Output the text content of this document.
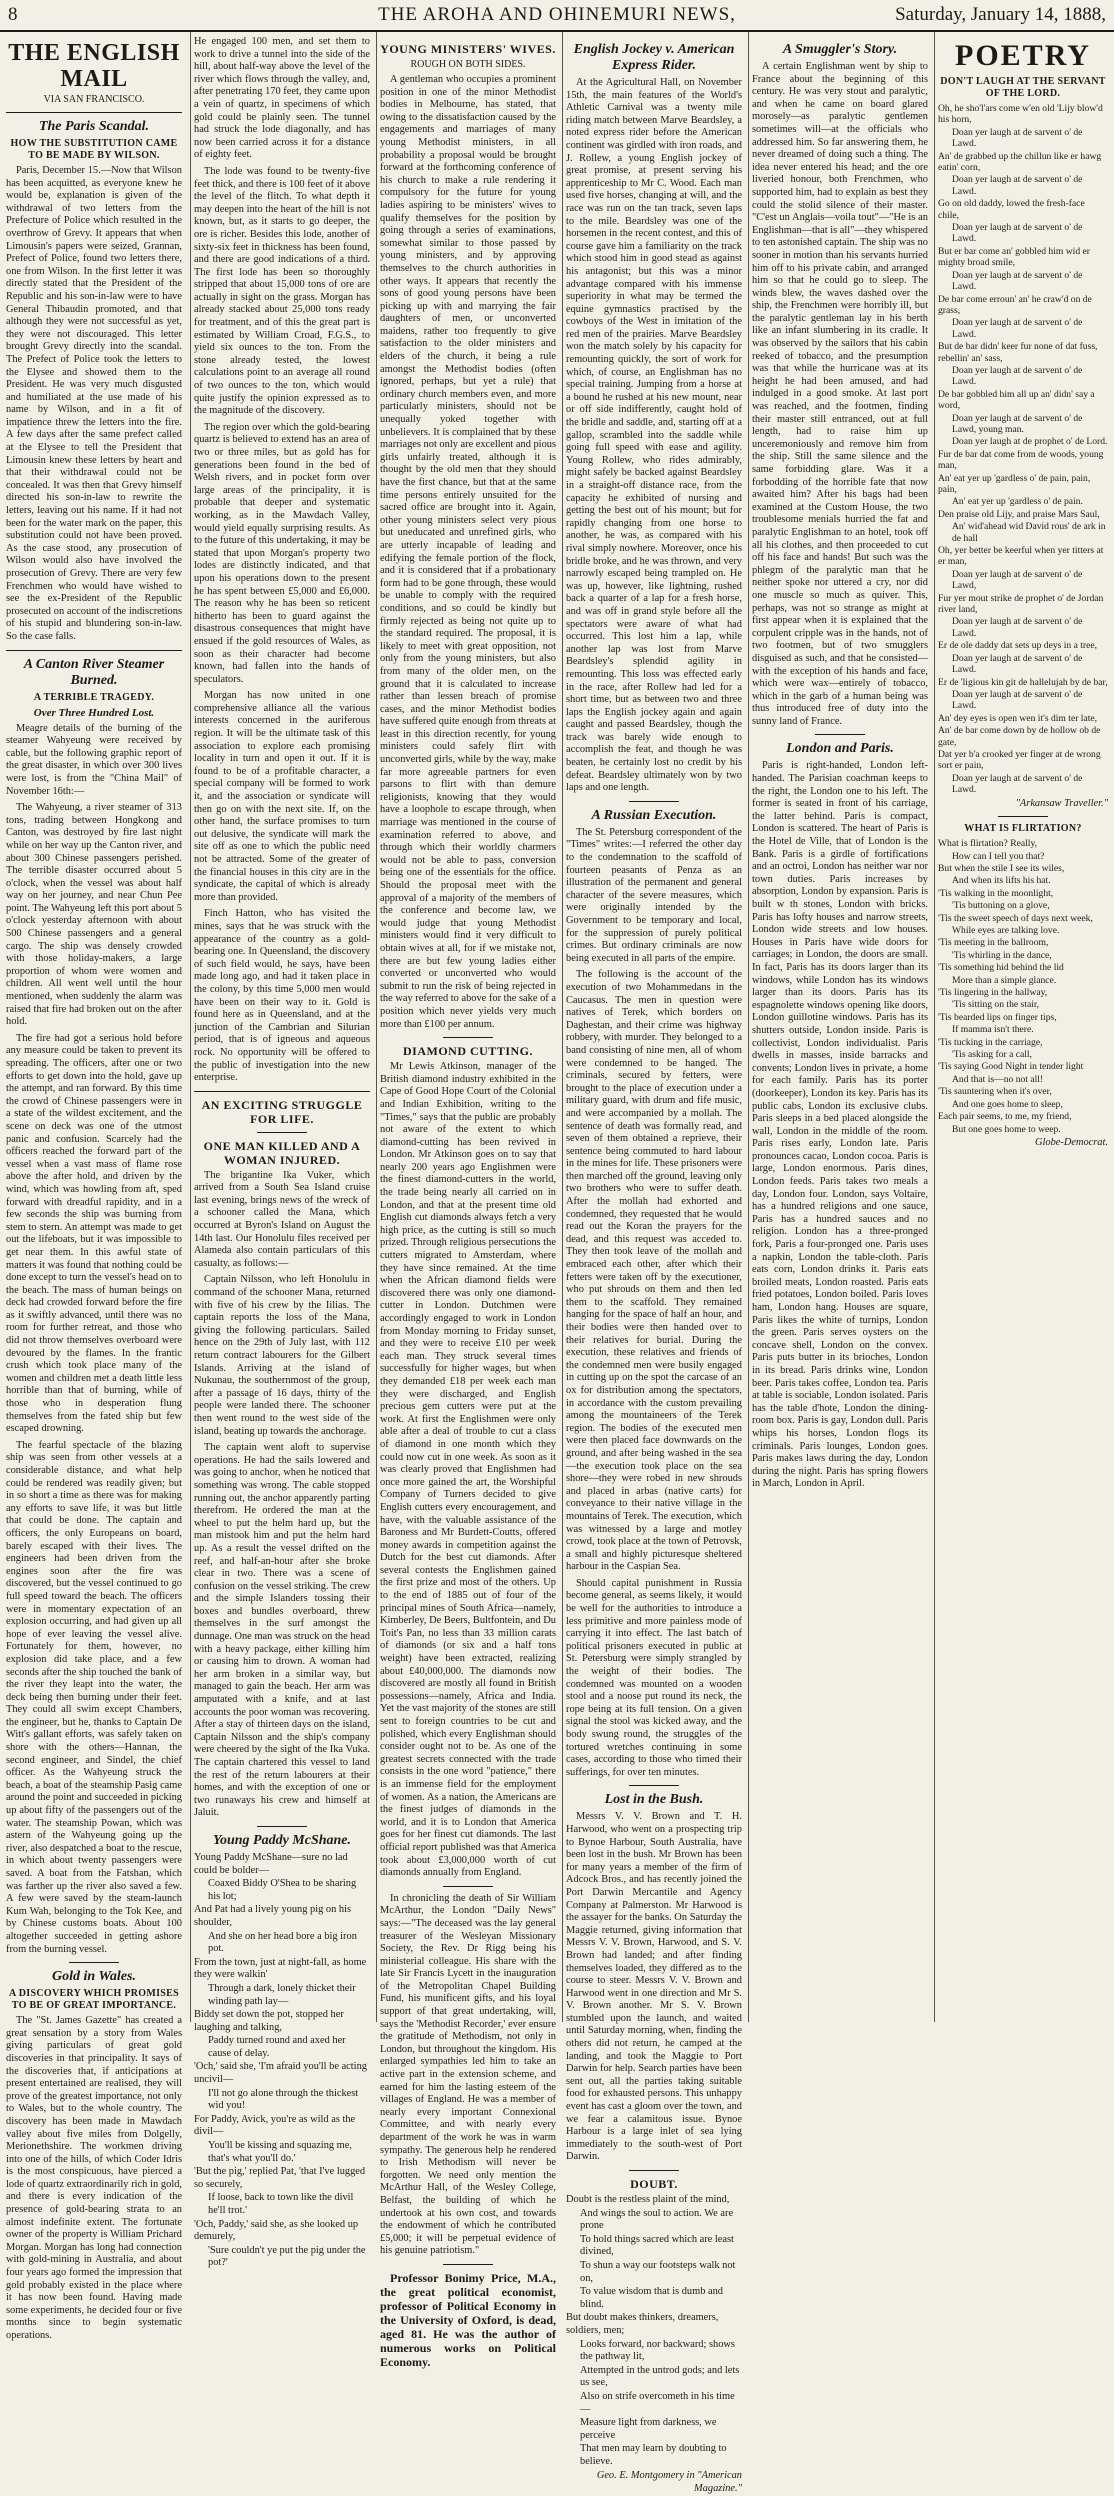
8	THE AROHA AND OHINEMURI NEWS,	Saturday, January 14, 1888,
THE ENGLISH MAIL
VIA SAN FRANCISCO.
The Paris Scandal.
HOW THE SUBSTITUTION CAME TO BE MADE BY WILSON.

Paris, December 15.—Now that Wilson has been acquitted, as everyone knew he would be, explanation is given of the withdrawal of two letters from the Prefecture of Police which resulted in the overthrow of Grevy. It appears that when Limousin's papers were seized, Grannan, Prefect of Police, found two letters there, one from Wilson. In the first letter it was directly stated that the President of the Republic and his son-in-law were to have General Thibaudin promoted, and that although they were not successful as yet, they were not discouraged. This letter brought Grevy directly into the scandal. The Prefect of Police took the letters to the Elysee and showed them to the President. He was very much disgusted and humiliated at the use made of his name by Wilson, and in a fit of impatience threw the letters into the fire. A few days after the same prefect called at the Elysee to tell the President that Limousin knew these letters by heart and that their withdrawal could not be concealed. It was then that Grevy himself directed his son-in-law to rewrite the letters, leaving out his name. If it had not been for the water mark on the paper, this substitution could not have been proved. As the case stood, any prosecution of Wilson would also have involved the prosecution of Grevy. There are very few Frenchmen who would have wished to see the ex-President of the Republic prosecuted on account of the indiscretions of his stupid and blundering son-in-law. So the case falls.

A Canton River Steamer Burned.
A TERRIBLE TRAGEDY.
Over Three Hundred Lost.

Meagre details of the burning of the steamer Wahyeung were received by cable, but the following graphic report of the great disaster, in which over 300 lives were lost, is from the "China Mail" of November 16th:—

The Wahyeung, a river steamer of 313 tons, trading between Hongkong and Canton, was destroyed by fire last night while on her way up the Canton river, and about 300 Chinese passengers perished. The terrible disaster occurred about 5 o'clock, when the vessel was about half way on her journey, and near Chun Pee point. The Wahyeung left this port about 5 o'clock yesterday afternoon with about 500 Chinese passengers and a general cargo. The ship was densely crowded with those holiday-makers, a large proportion of whom were women and children. All went well until the hour mentioned, when suddenly the alarm was raised that fire had broken out on the after hold.

The fire had got a serious hold before any measure could be taken to prevent its spreading. The officers, after one or two efforts to get down into the hold, gave up the attempt, and ran forward. By this time the crowd of Chinese passengers were in a state of the wildest excitement, and the scene on deck was one of the utmost panic and confusion. Scarcely had the officers reached the forward part of the vessel when a vast mass of flame rose above the after hold, and driven by the wind, which was howling from aft, sped forward with dreadful rapidity, and in a few seconds the ship was burning from stem to stern. An attempt was made to get out the lifeboats, but it was impossible to get near them. In this awful state of matters it was found that nothing could be done except to turn the vessel's head on to the beach. The mass of human beings on deck had crowded forward before the fire as it swiftly advanced, until there was no room for further retreat, and those who did not throw themselves overboard were devoured by the flames. In the frantic crush which took place many of the women and children met a death little less horrible than that of burning, while of those who in desperation flung themselves from the fated ship but few escaped drowning.

The fearful spectacle of the blazing ship was seen from other vessels at a considerable distance, and what help could be rendered was readily given; but in so short a time as there was for making any efforts to save life, it was but little that could be done. The captain and officers, the only Europeans on board, barely escaped with their lives. The engineers had been driven from the engines soon after the fire was discovered, but the vessel continued to go full speed toward the beach. The officers were in momentary expectation of an explosion occurring, and had given up all hope of ever leaving the vessel alive. Fortunately for them, however, no explosion did take place, and a few seconds after the ship touched the bank of the river they leapt into the water, the deck being then burning under their feet. They could all swim except Chambers, the engineer, but he, thanks to Captain De Witt's gallant efforts, was safely taken on shore with the others—Hannan, the second engineer, and Sindel, the chief officer. As the Wahyeung struck the beach, a boat of the steamship Pasig came around the point and succeeded in picking up about fifty of the passengers out of the water. The steamship Powan, which was astern of the Wahyeung going up the river, also despatched a boat to the rescue, in which about twenty passengers were saved. A boat from the Fatshan, which was farther up the river also saved a few. A few were saved by the steam-launch Kum Wah, belonging to the Tok Kee, and by Chinese customs boats. About 100 altogether succeeded in getting ashore from the burning vessel.

Gold in Wales.
A DISCOVERY WHICH PROMISES TO BE OF GREAT IMPORTANCE.

The "St. James Gazette" has created a great sensation by a story from Wales giving particulars of great gold discoveries in that principality. It says of the discoveries that, if anticipations at present entertained are realised, they will prove of the greatest importance, not only to Wales, but to the whole country. The discovery has been made in Mawdach valley about five miles from Dolgelly, Merionethshire. The workmen driving into one of the hills, of which Coder Idris is the most conspicuous, have pierced a lode of quartz extraordinarily rich in gold, and there is every indication of the presence of gold-bearing strata to an almost indefinite extent. The fortunate owner of the property is William Prichard Morgan. Morgan has long had connection with gold-mining in Australia, and about four years ago formed the impression that gold probably existed in the place where it has now been found. Having made some experiments, he decided four or five months since to begin systematic operations.

He engaged 100 men, and set them to work to drive a tunnel into the side of the hill, about half-way above the level of the river which flows through the valley, and, after penetrating 170 feet, they came upon a vein of quartz, in specimens of which gold could be plainly seen. The tunnel had struck the lode diagonally, and has now been carried across it for a distance of eighty feet.

The lode was found to be twenty-five feet thick, and there is 100 feet of it above the level of the flitch. To what depth it may deepen into the heart of the hill is not known, but, as it starts to go deeper, the ore is richer. Besides this lode, another of sixty-six feet in thickness has been found, and there are good indications of a third. The first lode has been so thoroughly stripped that about 15,000 tons of ore are actually in sight on the grass. Morgan has already stacked about 25,000 tons ready for treatment, and of this the great part is estimated by William Croad, F.G.S., to yield six ounces to the ton. From the stone already tested, the lowest calculations point to an average all round of two ounces to the ton, which would quite justify the opinion expressed as to the magnitude of the discovery.

The region over which the gold-bearing quartz is believed to extend has an area of two or three miles, but as gold has for generations been found in the bed of Welsh rivers, and in pocket form over large areas of the principality, it is probable that deeper and systematic working, as in the Mawdach Valley, would yield equally surprising results. As to the future of this undertaking, it may be stated that upon Morgan's property two lodes are distinctly indicated, and that upon his operations down to the present he has spent between £5,000 and £6,000. The reason why he has been so reticent hitherto has been to guard against the disastrous consequences that might have ensued if the gold resources of Wales, as soon as their character had become known, had fallen into the hands of speculators.

Morgan has now united in one comprehensive alliance all the various interests concerned in the auriferous region. It will be the ultimate task of this association to explore each promising locality in turn and open it out. If it is found to be of a profitable character, a special company will be formed to work it, and the association or syndicate will then go on with the next site. If, on the other hand, the surface promises to turn out delusive, the syndicate will mark the site off as one to which the public need not be attracted. Some of the greater of the financial houses in this city are in the syndicate, the capital of which is already more than provided.

Finch Hatton, who has visited the mines, says that he was struck with the appearance of the country as a gold-bearing one. In Queensland, the discovery of such field would, he says, have been made long ago, and had it taken place in the colony, by this time 5,000 men would have been on their way to it. Gold is found here as in Queensland, and at the junction of the Cambrian and Silurian period, that is of igneous and aqueous rock. No opportunity will be offered to the public of investigation into the new enterprise.

AN EXCITING STRUGGLE FOR LIFE.
ONE MAN KILLED AND A WOMAN INJURED.

The brigantine Ika Vuker, which arrived from a South Sea Island cruise last evening, brings news of the wreck of a schooner called the Mana, which occurred at Byron's Island on August the 14th last. Our Honolulu files received per Alameda also contain particulars of this casualty, as follows:—

Captain Nilsson, who left Honolulu in command of the schooner Mana, returned with five of his crew by the Iilias. The captain reports the loss of the Mana, giving the following particulars. Sailed hence on the 29th of July last, with 112 return contract labourers for the Gilbert Islands. Arriving at the island of Nukunau, the southernmost of the group, after a passage of 16 days, thirty of the people were landed there. The schooner then went round to the west side of the island, beating up towards the anchorage.

The captain went aloft to supervise operations. He had the sails lowered and was going to anchor, when he noticed that something was wrong. The cable stopped running out, the anchor apparently parting therefrom. He ordered the man at the wheel to put the helm hard up, but the man mistook him and put the helm hard up. As a result the vessel drifted on the reef, and half-an-hour after she broke clear in two. There was a scene of confusion on the vessel striking. The crew and the simple Islanders tossing their boxes and bundles overboard, threw themselves in the surf amongst the dunnage. One man was struck on the head with a heavy package, either killing him or causing him to drown. A woman had her arm broken in a similar way, but managed to gain the beach. Her arm was amputated with a knife, and at last accounts the poor woman was recovering. After a stay of thirteen days on the island, Captain Nilsson and the ship's company were cheered by the sight of the Ika Vuka. The captain chartered this vessel to land the rest of the return labourers at their homes, and with the exception of one or two runaways his crew and himself at Jaluit.

Young Paddy McShane.

Young Paddy McShane—sure no lad could be bolder—

Coaxed Biddy O'Shea to be sharing his lot;

And Pat had a lively young pig on his shoulder,

And she on her head bore a big iron pot.

From the town, just at night-fall, as home they were walkin'

Through a dark, lonely thicket their winding path lay—

Biddy set down the pot, stopped her laughing and talking,

Paddy turned round and axed her cause of delay.

'Och,' said she, 'I'm afraid you'll be acting uncivil—

I'll not go alone through the thickest wid you!

For Paddy, Avick, you're as wild as the divil—

You'll be kissing and squazing me, that's what you'll do.'

'But the pig,' replied Pat, 'that I've lugged so securely,

If loose, back to town like the divil he'll trot.'

'Och, Paddy,' said she, as she looked up demurely,

'Sure couldn't ye put the pig under the pot?'

YOUNG MINISTERS' WIVES.
ROUGH ON BOTH SIDES.

A gentleman who occupies a prominent position in one of the minor Methodist bodies in Melbourne, has stated, that owing to the dissatisfaction caused by the engagements and marriages of many young Methodist ministers, in all probability a proposal would be brought forward at the forthcoming conference of his church to make a rule rendering it compulsory for the future for young ladies aspiring to be ministers' wives to qualify themselves for the position by going through a series of examinations, somewhat similar to those passed by young ministers, and by approving themselves to the church authorities in other ways. It appears that recently the sons of good young persons have been picking up with and marrying the fair daughters of men, or unconverted maidens, rather too frequently to give satisfaction to the older ministers and elders of the church, it being a rule amongst the Methodist bodies (often ignored, perhaps, but yet a rule) that ordinary church members even, and more particularly ministers, should not be unequally yoked together with unbelievers. It is complained that by these marriages not only are excellent and pious girls unfairly treated, although it is thought by the old men that they should have the first chance, but that at the same time persons entirely unsuited for the sacred office are brought into it. Again, other young ministers select very pious but uneducated and unrefined girls, who are utterly incapable of leading and edifying the female portion of the flock, and it is considered that if a probationary form had to be gone through, these would be unable to comply with the required conditions, and so could be kindly but firmly rejected as being not quite up to the standard required. The proposal, it is likely to meet with great opposition, not only from the young ministers, but also from many of the older men, on the ground that it is calculated to increase rather than lessen breach of promise cases, and the minor Methodist bodies have suffered quite enough from threats at least in this direction recently, for young ministers could safely flirt with unconverted girls, while by the way, make far more agreeable partners for even parsons to flirt with than demure religionists, knowing that they would have a loophole to escape through, when marriage was mentioned in the course of examination referred to above, and through which their worldly charmers would not be able to pass, conversion being one of the essentials for the office. Should the proposal meet with the approval of a majority of the members of the conference and become law, we would judge that young Methodist ministers would find it very difficult to obtain wives at all, for if we mistake not, there are but few young ladies either converted or unconverted who would submit to run the risk of being rejected in the way referred to above for the sake of a position which never yields very much more than £100 per annum.

DIAMOND CUTTING.

Mr Lewis Atkinson, manager of the British diamond industry exhibited in the Cape of Good Hope Court of the Colonial and Indian Exhibition, writing to the "Times," says that the public are probably not aware of the extent to which diamond-cutting has been revived in London. Mr Atkinson goes on to say that nearly 200 years ago Englishmen were the finest diamond-cutters in the world, the trade being nearly all carried on in London, and that at the present time old English cut diamonds always fetch a very high price, as the cutting is still so much prized. Through religious persecutions the cutters migrated to Amsterdam, where they have since remained. At the time when the African diamond fields were discovered there was only one diamond-cutter in London. Dutchmen were accordingly engaged to work in London from Monday morning to Friday sunset, and they were to receive £10 per week each man. They struck several times successfully for higher wages, but when they demanded £18 per week each man they were discharged, and English precious gem cutters were put at the work. At first the Englishmen were only able after a deal of trouble to cut a class of diamond in one month which they could now cut in one week. As soon as it was clearly proved that Englishmen had once more gained the art, the Worshipful Company of Turners decided to give English cutters every encouragement, and have, with the valuable assistance of the Baroness and Mr Burdett-Coutts, offered money awards in competition against the Dutch for the best cut diamonds. After several contests the Englishmen gained the first prize and most of the others. Up to the end of 1885 out of four of the principal mines of South Africa—namely, Kimberley, De Beers, Bultfontein, and Du Toit's Pan, no less than 33 million carats of diamonds (or six and a half tons weight) have been extracted, realizing about £40,000,000. The diamonds now discovered are mostly all found in British possessions—namely, Africa and India. Yet the vast majority of the stones are still sent to foreign countries to be cut and polished, which every Englishman should consider ought not to be. As one of the greatest secrets connected with the trade consists in the one word "patience," there is an immense field for the employment of women. As a nation, the Americans are the finest judges of diamonds in the world, and it is to London that America goes for her finest cut diamonds. The last official report published was that America took about £3,000,000 worth of cut diamonds annually from England.

In chronicling the death of Sir William McArthur, the London "Daily News" says:—"The deceased was the lay general treasurer of the Wesleyan Missionary Society, the Rev. Dr Rigg being his ministerial colleague. His share with the late Sir Francis Lycett in the inauguration of the Metropolitan Chapel Building Fund, his munificent gifts, and his loyal support of that great undertaking, will, says the 'Methodist Recorder,' ever ensure the gratitude of Methodism, not only in London, but throughout the kingdom. His enlarged sympathies led him to take an active part in the extension scheme, and earned for him the lasting esteem of the villages of England. He was a member of nearly every important Connexional Committee, and with nearly every department of the work he was in warm sympathy. The generous help he rendered to Irish Methodism will never be forgotten. We need only mention the McArthur Hall, of the Wesley College, Belfast, the building of which he undertook at his own cost, and towards the endowment of which he contributed £5,000; it will be perpetual evidence of his genuine patriotism."

Professor Bonimy Price, M.A., the great political economist, professor of Political Economy in the University of Oxford, is dead, aged 81. He was the author of numerous works on Political Economy.

English Jockey v. American Express Rider.

At the Agricultural Hall, on November 15th, the main features of the World's Athletic Carnival was a twenty mile riding match between Marve Beardsley, a noted express rider before the American continent was girdled with iron roads, and J. Rollew, a young English jockey of great promise, at present serving his apprenticeship to Mr C. Wood. Each man used five horses, changing at will, and the race was run on the tan track, seven laps to the mile. Beardsley was one of the horsemen in the recent contest, and this of course gave him a familiarity on the track which stood him in good stead as against his antagonist; but this was a minor advantage compared with his immense superiority in what may be termed the equine gymnastics practised by the cowboys of the West in imitation of the red men of the prairies. Marve Beardsley won the match solely by his capacity for remounting quickly, the sort of work for which, of course, an Englishman has no special training. Jumping from a horse at a bound he rushed at his new mount, near or off side indifferently, caught hold of the bridle and saddle, and, starting off at a gallop, scrambled into the saddle while going full speed with ease and agility. Young Rollew, who rides admirably, might safely be backed against Beardsley in a straight-off distance race, from the capacity he exhibited of nursing and getting the best out of his mount; but for rapidly changing from one horse to another, he was, as compared with his rival simply nowhere. Moreover, once his bridle broke, and he was thrown, and very narrowly escaped being trampled on. He was up, however, like lightning, rushed back a quarter of a lap for a fresh horse, and was off in grand style before all the spectators were aware of what had occurred. This lost him a lap, while another lap was lost from Marve Beardsley's splendid agility in remounting. This loss was effected early in the race, after Rollew had led for a short time, but as between two and three laps the English jockey again and again caught and passed Beardsley, though the track was barely wide enough to accomplish the feat, and though he was beaten, he certainly lost no credit by his defeat. Beardsley ultimately won by two laps and one length.

A Russian Execution.

The St. Petersburg correspondent of the "Times" writes:—I referred the other day to the condemnation to the scaffold of fourteen peasants of Penza as an illustration of the permanent and general character of the severe measures, which were originally intended by the Government to be temporary and local, for the suppression of purely political crimes. But ordinary criminals are now being executed in all parts of the empire.

The following is the account of the execution of two Mohammedans in the Caucasus. The men in question were natives of Terek, which borders on Daghestan, and their crime was highway robbery, with murder. They belonged to a band consisting of nine men, all of whom were condemned to be hanged. The criminals, secured by fetters, were brought to the place of execution under a military guard, with drum and fife music, and were accompanied by a mollah. The sentence of death was formally read, and seven of them obtained a reprieve, their sentence being commuted to hard labour in the mines for life. These prisoners were then marched off the ground, leaving only two brothers who were to suffer death. After the mollah had exhorted and condemned, they requested that he would read out the Koran the prayers for the dead, and this request was acceded to. They then took leave of the mollah and embraced each other, after which their fetters were taken off by the executioner, who put shrouds on them and then led them to the scaffold. They remained hanging for the space of half an hour, and their bodies were then handed over to their relatives for burial. During the execution, these relatives and friends of the condemned men were busily engaged in cutting up on the spot the carcase of an ox for distribution among the spectators, in accordance with the custom prevailing among the mountaineers of the Terek region. The bodies of the executed men were then placed face downwards on the ground, and after being washed in the sea—the execution took place on the sea shore—they were robed in new shrouds and placed in arbas (native carts) for conveyance to their native village in the mountains of Terek. The execution, which was witnessed by a large and motley crowd, took place at the town of Petrovsk, a small and highly picturesque sheltered harbour in the Caspian Sea.

Should capital punishment in Russia become general, as seems likely, it would be well for the authorities to introduce a less primitive and more painless mode of carrying it into effect. The last batch of political prisoners executed in public at St. Petersburg were simply strangled by the weight of their bodies. The condemned was mounted on a wooden stool and a noose put round its neck, the rope being at its full tension. On a given signal the stool was kicked away, and the body swung round, the struggles of the tortured wretches continuing in some cases, according to those who timed their sufferings, for over ten minutes.

Lost in the Bush.

Messrs V. V. Brown and T. H. Harwood, who went on a prospecting trip to Bynoe Harbour, South Australia, have been lost in the bush. Mr Brown has been for many years a member of the firm of Adcock Bros., and has recently joined the Port Darwin Mercantile and Agency Company at Palmerston. Mr Harwood is the assayer for the banks. On Saturday the Maggie returned, giving information that Messrs V. V. Brown, Harwood, and S. V. Brown had landed; and after finding themselves loaded, they differed as to the course to steer. Messrs V. V. Brown and Harwood went in one direction and Mr S. V. Brown another. Mr S. V. Brown stumbled upon the launch, and waited until Saturday morning, when, finding the others did not return, he camped at the landing, and took the Maggie to Port Darwin for help. Search parties have been sent out, all the parties taking suitable food for exhausted persons. This unhappy event has cast a gloom over the town, and we fear a calamitous issue. Bynoe Harbour is a large inlet of sea lying immediately to the south-west of Port Darwin.

DOUBT.

Doubt is the restless plaint of the mind,

And wings the soul to action. We are prone

To hold things sacred which are least divined,

To shun a way our footsteps walk not on,

To value wisdom that is dumb and blind.

But doubt makes thinkers, dreamers, soldiers, men;

Looks forward, nor backward; shows the pathway lit,

Attempted in the untrod gods; and lets us see,

Also on strife overcometh in his time—

Measure light from darkness, we perceive

That men may learn by doubting to believe.

Geo. E. Montgomery in "American Magazine."
A Smuggler's Story.

A certain Englishman went by ship to France about the beginning of this century. He was very stout and paralytic, and when he came on board glared morosely—as paralytic gentlemen sometimes will—at the officials who addressed him. So far answering them, he never dreamed of doing such a thing. The idea never entered his head; and the ore liveried honour, both Frenchmen, who supported him, had to explain as best they could the stolid silence of their master. "C'est un Anglais—voila tout"—"He is an Englishman—that is all"—they whispered to ten astonished captain. The ship was no sooner in motion than his servants hurried him off to his private cabin, and arranged him so that he could go to sleep. The winds blew, the waves dashed over the ship, the Frenchmen were horribly ill, but the paralytic gentleman lay in his berth like an infant slumbering in its cradle. It was observed by the sailors that his cabin reeked of tobacco, and the presumption was that while the hurricane was at its height he had been amused, and had indulged in a good smoke. At last port was reached, and the footmen, finding their master still entranced, out at full length, had to raise him up unceremoniously and remove him from the ship. Still the same silence and the same forbidding glare. Was it a forbodding of the horrible fate that now awaited him? After his bags had been examined at the Custom House, the two troublesome menials hurried the fat and paralytic Englishman to an hotel, took off all his clothes, and then proceeded to cut off his face and hands! But such was the phlegm of the paralytic man that he neither spoke nor uttered a cry, nor did one muscle so much as quiver. This, perhaps, was not so strange as might at first appear when it is explained that the corpulent cripple was in the hands, not of two footmen, but of two smugglers disguised as such, and that he consisted—with the exception of his hands and face, which were wax—entirely of tobacco, which in the garb of a human being was thus introduced free of duty into the sunny land of France.

London and Paris.

Paris is right-handed, London left-handed. The Parisian coachman keeps to the right, the London one to his left. The former is seated in front of his carriage, the latter behind. Paris is compact, London is scattered. The heart of Paris is the Hotel de Ville, that of London is the Bank. Paris is a girdle of fortifications and an octroi, London has neither war nor town duties. Paris increases by absorption, London by expansion. Paris is built w th stones, London with bricks. Paris has lofty houses and narrow streets, London wide streets and low houses. Houses in Paris have wide doors for carriages; in London, the doors are small. In fact, Paris has its doors larger than its windows, while London has its windows larger than its doors. Paris has its espagnolette windows opening like doors, London guillotine windows. Paris has its shutters outside, London inside. Paris is collectivist, London individualist. Paris dwells in masses, inside barracks and convents; London lives in private, a home for each family. Paris has its porter (doorkeeper), London its key. Paris has its public cabs, London its exclusive clubs. Paris sleeps in a bed placed alongside the wall, London in the middle of the room. Paris rises early, London late. Paris pronounces cacao, London cocoa. Paris is large, London enormous. Paris dines, London feeds. Paris takes two meals a day, London four. London, says Voltaire, has a hundred religions and one sauce, Paris has a hundred sauces and no religion. London has a three-pronged fork, Paris a four-pronged one. Paris uses a napkin, London the table-cloth. Paris eats corn, London drinks it. Paris eats broiled meats, London roasted. Paris eats fried potatoes, London boiled. Paris loves ham, London hang. Houses are square, Paris likes the white of turnips, London the green. Paris serves oysters on the concave shell, London on the convex. Paris puts butter in its brioches, London in its bread. Paris drinks wine, London beer. Paris takes coffee, London tea. Paris at table is sociable, London isolated. Paris has the table d'hote, London the dining-room box. Paris is gay, London dull. Paris whips his horses, London flogs its criminals. Paris lounges, London goes. Paris makes laws during the day, London during the night. Paris has spring flowers in March, London in April.

POETRY
DON'T LAUGH AT THE SERVANT OF THE LORD.

Oh, he sho'l'ars come w'en old 'Lijy blow'd his horn,

Doan yer laugh at de sarvent o' de Lawd.

An' de grabbed up the chillun like er hawg eatin' corn,

Doan yer laugh at de sarvent o' de Lawd.

Go on old daddy, lowed the fresh-face chile,

Doan yer laugh at de sarvent o' de Lawd.

But er bar come an' gobbled him wid er mighty broad smile,

Doan yer laugh at de sarvent o' de Lawd.

De bar come erroun' an' he craw'd on de grass,

Doan yer laugh at de sarvent o' de Lawd.

But de bar didn' keer fur none of dat fuss, rebellin' an' sass,

Doan yer laugh at de sarvent o' de Lawd.

De bar gobbled him all up an' didn' say a word,

Doan yer laugh at de sarvent o' de Lawd, young man.

Doan yer laugh at de prophet o' de Lord.

Fur de bar dat come from de woods, young man,

An' eat yer up 'gardless o' de pain, pain, pain,

An' eat yer up 'gardless o' de pain.

Den praise old Lijy, and praise Mars Saul,

An' wid'ahead wid David rous' de ark in de hall

Oh, yer better be keerful when yer titters at er man,

Doan yer laugh at de sarvent o' de Lawd,

Fur yer mout strike de prophet o' de Jordan river land,

Doan yer laugh at de sarvent o' de Lawd.

Er de ole daddy dat sets up deys in a tree,

Doan yer laugh at de sarvent o' de Lawd.

Er de 'ligious kin git de hallelujah by de bar,

Doan yer laugh at de sarvent o' de Lawd.

An' dey eyes is open wen it's dim ter late,

An' de bar come down by de hollow ob de gate,

Dat yer b'a crooked yer finger at de wrong sort er pain,

Doan yer laugh at de sarvent o' de Lawd.

"Arkansaw Traveller."
WHAT IS FLIRTATION?

What is flirtation? Really,

How can I tell you that?

But when the stile I see its wiles,

And when its lifts his hat.

'Tis walking in the moonlight,

'Tis buttoning on a glove,

'Tis the sweet speech of days next week,

While eyes are talking love.

'Tis meeting in the ballroom,

'Tis whirling in the dance,

'Tis something hid behind the lid

More than a simple glance.

'Tis lingering in the hallway,

'Tis sitting on the stair,

'Tis bearded lips on finger tips,

If mamma isn't there.

'Tis tucking in the carriage,

'Tis asking for a call,

'Tis saying Good Night in tender light

And that is—no not all!

'Tis sauntering when it's over,

And one goes home to sleep,

Each pair seems, to me, my friend,

But one goes home to weep.

Globe-Democrat.
